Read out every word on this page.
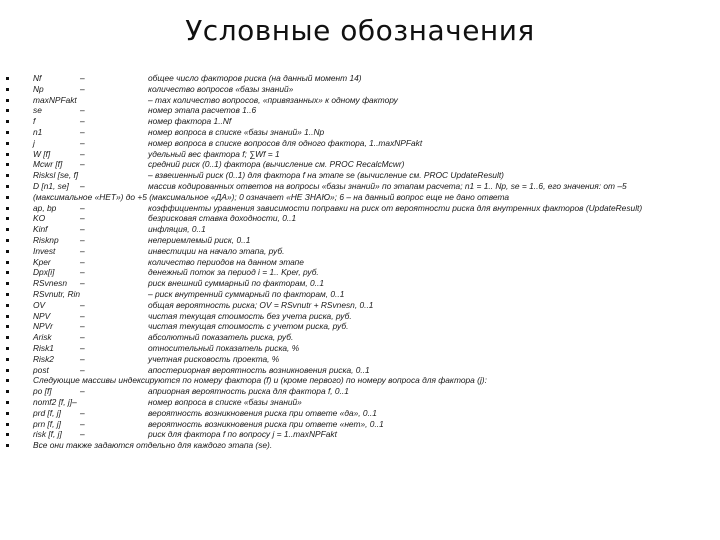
Условные обозначения
Nf	–	общее число факторов риска (на данный момент 14)
Np	–	количество вопросов «базы знаний»
maxNPFakt	– max количество вопросов, «привязанных» к одному фактору
se	–	номер этапа расчетов 1..6
f	–	номер фактора 1..Nf
n1	–	номер вопроса в списке «базы знаний» 1..Np
j	–	номер вопроса в списке вопросов для одного фактора, 1..maxNPFakt
W [f]	–	удельный вес фактора f; ∑Wf = 1
Mcwr [f] –	средний риск (0..1) фактора (вычисление см. PROC RecalcMcwr)
Risksl [se, f]	– взвешенный риск (0..1) для фактора f на этапе se (вычисление см. PROC UpdateResult)
D [n1, se] –	массив кодированных ответов на вопросы «базы знаний» по этапам расчета; n1 = 1.. Np, se = 1..6, его значения: от –5
(максимальное «НЕТ») до +5 (максимальное «ДА»); 0 означает «НЕ ЗНАЮ»; 6 – на данный вопрос еще не дано ответа
ap, bp	–	коэффициенты уравнения зависимости поправки на риск от вероятности риска для внутренних факторов (UpdateResult)
KO	–	безрисковая ставка доходности, 0..1
Kinf	–	инфляция, 0..1
Risknp	–	непериемлемый риск, 0..1
Invest	–	инвестиции на начало этапа, руб.
Kper	–	количество периодов на данном этапе
Dpx[i]	–	денежный поток за период i = 1.. Kper, руб.
RSvnesn –	риск внешний суммарный по факторам, 0..1
RSvnutr, Rin	– риск внутренний суммарный по факторам, 0..1
OV	–	общая вероятность риска; OV = RSvnutr + RSvnesn, 0..1
NPV	–	чистая текущая стоимость без учета риска, руб.
NPVr	–	чистая текущая стоимость с учетом риска, руб.
Arisk	–	абсолютный показатель риска, руб.
Risk1	–	относительный показатель риска, %
Risk2	–	учетная рисковость проекта, %
post	–	апостериорная вероятность возникновения риска, 0..1
Следующие массивы индексируются по номеру фактора (f) и (кроме первого) по номеру вопроса для фактора (j):
po [f]	–	априорная вероятность риска для фактора f, 0..1
nomf2 [f, j]–	номер вопроса в списке «базы знаний»
prd [f, j] –	вероятность возникновения риска при ответе «да», 0..1
prn [f, j] –	вероятность возникновения риска при ответе «нет», 0..1
risk [f, j] –	риск для фактора f по вопросу j = 1..maxNPFakt
Все они также задаются отдельно для каждого этапа (se).
